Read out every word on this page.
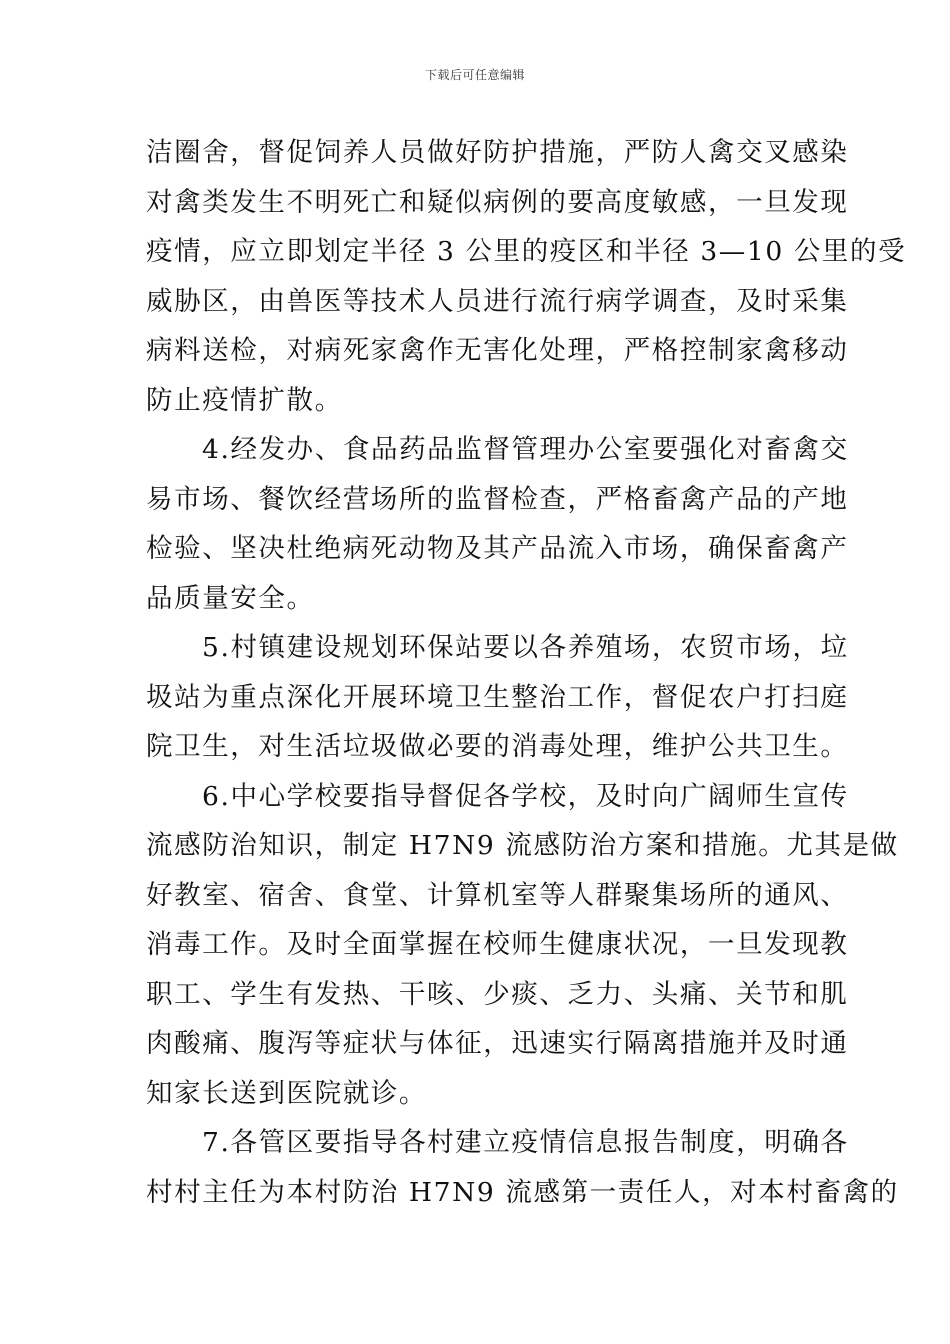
下载后可任意编辑
洁圈舍，督促饲养人员做好防护措施，严防人禽交叉感染
对禽类发生不明死亡和疑似病例的要高度敏感，一旦发现
疫情，应立即划定半径 3 公里的疫区和半径 3—10 公里的受
威胁区，由兽医等技术人员进行流行病学调查，及时采集
病料送检，对病死家禽作无害化处理，严格控制家禽移动
防止疫情扩散。
4.经发办、食品药品监督管理办公室要强化对畜禽交
易市场、餐饮经营场所的监督检查，严格畜禽产品的产地
检验、坚决杜绝病死动物及其产品流入市场，确保畜禽产
品质量安全。
5.村镇建设规划环保站要以各养殖场，农贸市场，垃
圾站为重点深化开展环境卫生整治工作，督促农户打扫庭
院卫生，对生活垃圾做必要的消毒处理，维护公共卫生。
6.中心学校要指导督促各学校，及时向广阔师生宣传
流感防治知识，制定 H7N9 流感防治方案和措施。尤其是做
好教室、宿舍、食堂、计算机室等人群聚集场所的通风、
消毒工作。及时全面掌握在校师生健康状况，一旦发现教
职工、学生有发热、干咳、少痰、乏力、头痛、关节和肌
肉酸痛、腹泻等症状与体征，迅速实行隔离措施并及时通
知家长送到医院就诊。
7.各管区要指导各村建立疫情信息报告制度，明确各
村村主任为本村防治 H7N9 流感第一责任人，对本村畜禽的
